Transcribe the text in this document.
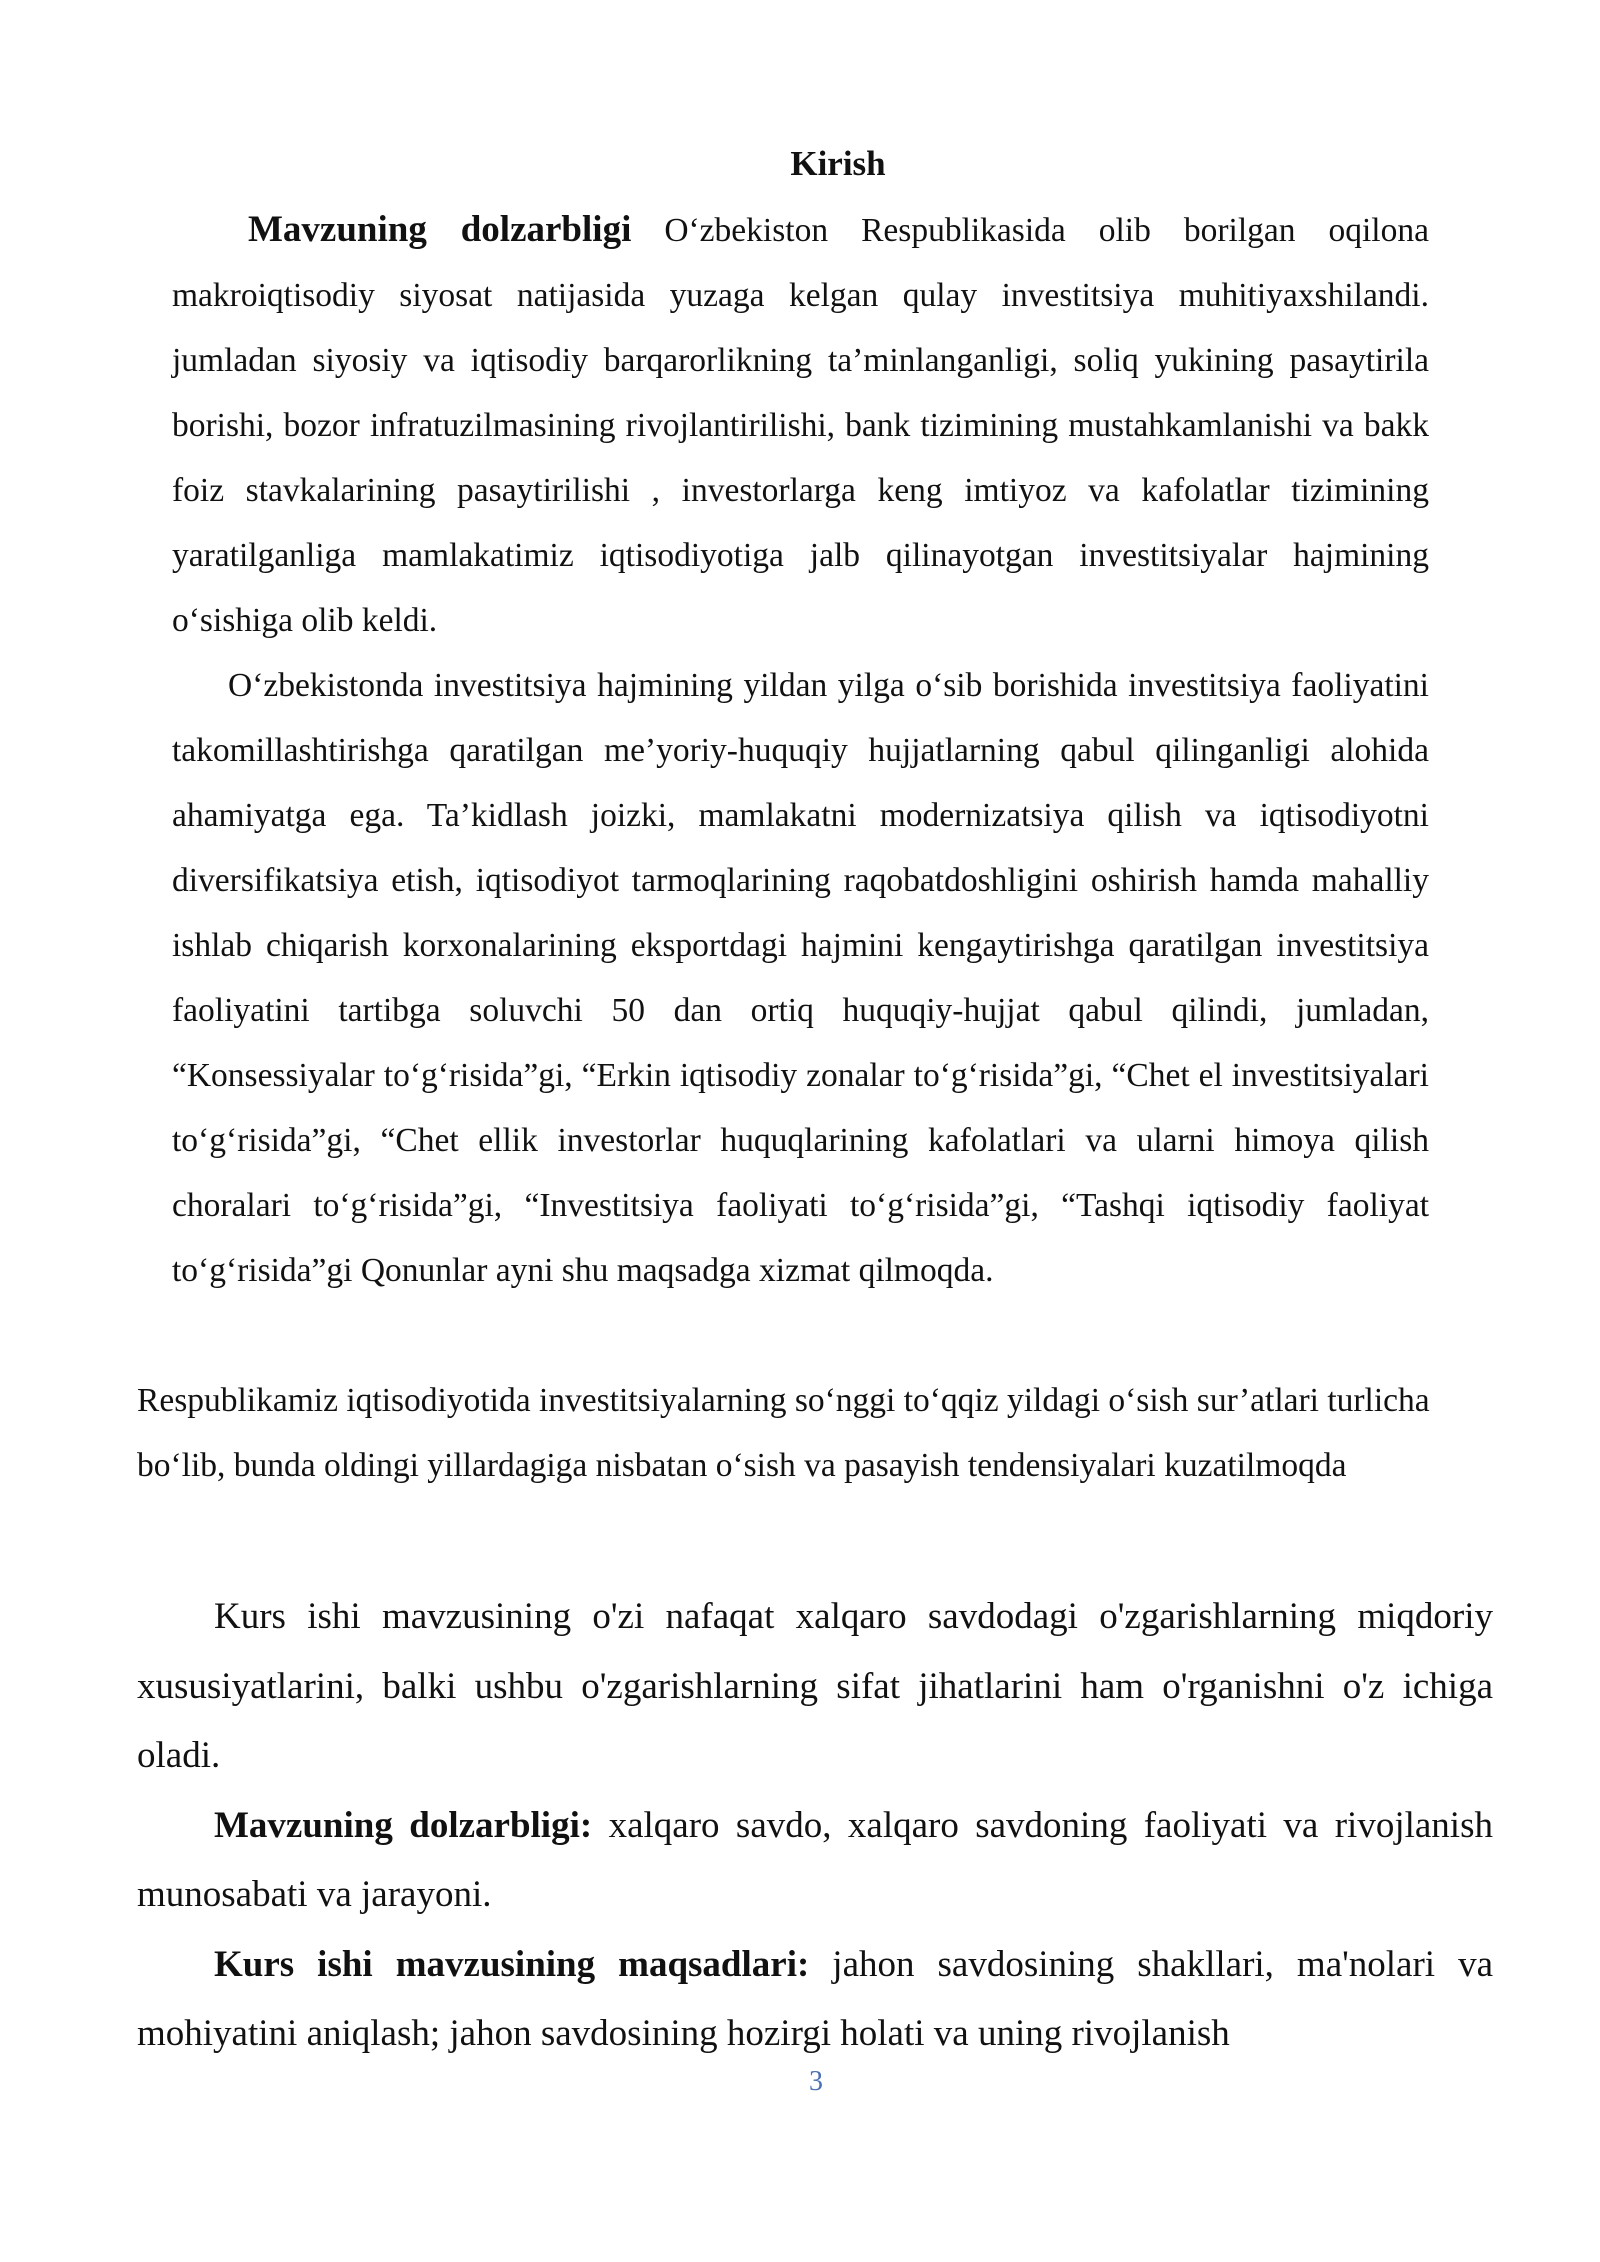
Kirish

Mavzuning dolzarbligi O‘zbekiston Respublikasida olib borilgan oqilona makroiqtisodiy siyosat natijasida yuzaga kelgan qulay investitsiya muhitiyaxshilandi. jumladan siyosiy va iqtisodiy barqarorlikning ta’minlanganligi, soliq yukining pasaytirila borishi, bozor infratuzilmasining rivojlantirilishi, bank tizimining mustahkamlanishi va bakk foiz stavkalarining pasaytirilishi , investorlarga keng imtiyoz va kafolatlar tizimining yaratilganliga mamlakatimiz iqtisodiyotiga jalb qilinayotgan investitsiyalar hajmining o‘sishiga olib keldi.

O‘zbekistonda investitsiya hajmining yildan yilga o‘sib borishida investitsiya faoliyatini takomillashtirishga qaratilgan me’yoriy-huquqiy hujjatlarning qabul qilinganligi alohida ahamiyatga ega. Ta’kidlash joizki, mamlakatni modernizatsiya qilish va iqtisodiyotni diversifikatsiya etish, iqtisodiyot tarmoqlarining raqobatdoshligini oshirish hamda mahalliy ishlab chiqarish korxonalarining eksportdagi hajmini kengaytirishga qaratilgan investitsiya faoliyatini tartibga soluvchi 50 dan ortiq huquqiy-hujjat qabul qilindi, jumladan, “Konsessiyalar to‘g‘risida”gi, “Erkin iqtisodiy zonalar to‘g‘risida”gi, “Chet el investitsiyalari to‘g‘risida”gi, “Chet ellik investorlar huquqlarining kafolatlari va ularni himoya qilish choralari to‘g‘risida”gi, “Investitsiya faoliyati to‘g‘risida”gi, “Tashqi iqtisodiy faoliyat to‘g‘risida”gi Qonunlar ayni shu maqsadga xizmat qilmoqda.

Respublikamiz iqtisodiyotida investitsiyalarning so‘nggi to‘qqiz yildagi o‘sish sur’atlari turlicha bo‘lib, bunda oldingi yillardagiga nisbatan o‘sish va pasayish tendensiyalari kuzatilmoqda

Kurs ishi mavzusining o'zi nafaqat xalqaro savdodagi o'zgarishlarning miqdoriy xususiyatlarini, balki ushbu o'zgarishlarning sifat jihatlarini ham o'rganishni o'z ichiga oladi.

Mavzuning dolzarbligi: xalqaro savdo, xalqaro savdoning faoliyati va rivojlanish munosabati va jarayoni.

Kurs ishi mavzusining maqsadlari: jahon savdosining shakllari, ma'nolari va mohiyatini aniqlash; jahon savdosining hozirgi holati va uning rivojlanish

3
